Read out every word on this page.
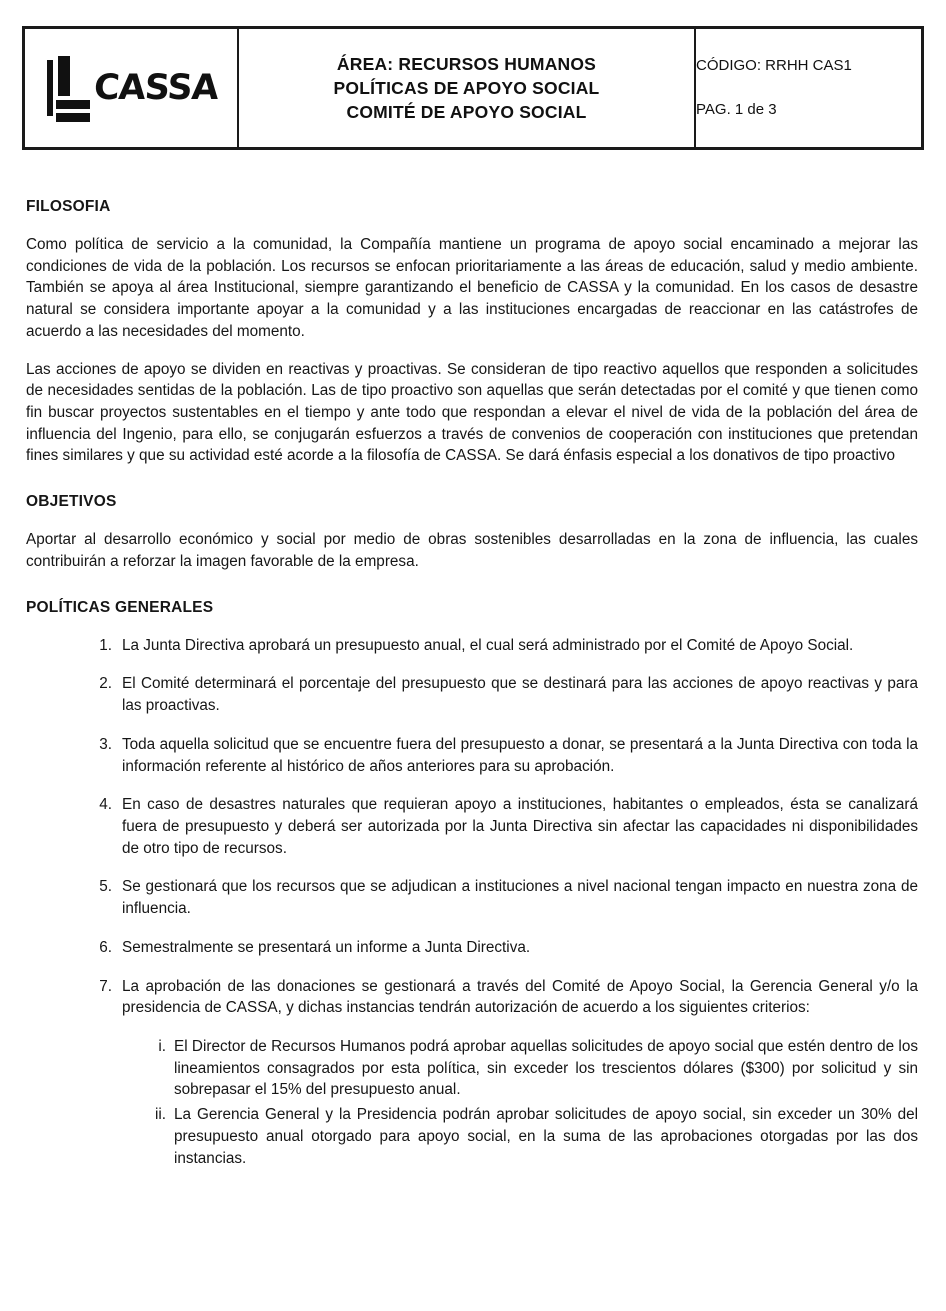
CASSA

ÁREA: RECURSOS HUMANOS
POLÍTICAS DE APOYO SOCIAL
COMITÉ DE APOYO SOCIAL

CÓDIGO: RRHH CAS1
PAG. 1 de 3
FILOSOFIA

Como política de servicio a la comunidad, la Compañía mantiene un programa de apoyo social encaminado a mejorar las condiciones de vida de la población. Los recursos se enfocan prioritariamente a las áreas de educación, salud y medio ambiente. También se apoya al área Institucional, siempre garantizando el beneficio de CASSA y la comunidad. En los casos de desastre natural se considera importante apoyar a la comunidad y a las instituciones encargadas de reaccionar en las catástrofes de acuerdo a las necesidades del momento.

Las acciones de apoyo se dividen en reactivas y proactivas. Se consideran de tipo reactivo aquellos que responden a solicitudes de necesidades sentidas de la población. Las de tipo proactivo son aquellas que serán detectadas por el comité y que tienen como fin buscar proyectos sustentables en el tiempo y ante todo que respondan a elevar el nivel de vida de la población del área de influencia del Ingenio, para ello, se conjugarán esfuerzos a través de convenios de cooperación con instituciones que pretendan fines similares y que su actividad esté acorde a la filosofía de CASSA. Se dará énfasis especial a los donativos de tipo proactivo

OBJETIVOS

Aportar al desarrollo económico y social por medio de obras sostenibles desarrolladas en la zona de influencia, las cuales contribuirán a reforzar la imagen favorable de la empresa.

POLÍTICAS GENERALES
La Junta Directiva aprobará un presupuesto anual, el cual será administrado por el Comité de Apoyo Social.
El Comité determinará el porcentaje del presupuesto que se destinará para las acciones de apoyo reactivas y para las proactivas.
Toda aquella solicitud que se encuentre fuera del presupuesto a donar, se presentará a la Junta Directiva con toda la información referente al histórico de años anteriores para su aprobación.
En caso de desastres naturales que requieran apoyo a instituciones, habitantes o empleados, ésta se canalizará fuera de presupuesto y deberá ser autorizada por la Junta Directiva sin afectar las capacidades ni disponibilidades de otro tipo de recursos.
Se gestionará que los recursos que se adjudican a instituciones a nivel nacional tengan impacto en nuestra zona de influencia.
Semestralmente se presentará un informe a Junta Directiva.
La aprobación de las donaciones se gestionará a través del Comité de Apoyo Social, la Gerencia General y/o la presidencia de CASSA, y dichas instancias tendrán autorización de acuerdo a los siguientes criterios:
El Director de Recursos Humanos podrá aprobar aquellas solicitudes de apoyo social que estén dentro de los lineamientos consagrados por esta política, sin exceder los trescientos dólares ($300) por solicitud y sin sobrepasar el 15% del presupuesto anual.
La Gerencia General y la Presidencia podrán aprobar solicitudes de apoyo social, sin exceder un 30% del presupuesto anual otorgado para apoyo social, en la suma de las aprobaciones otorgadas por las dos instancias.
